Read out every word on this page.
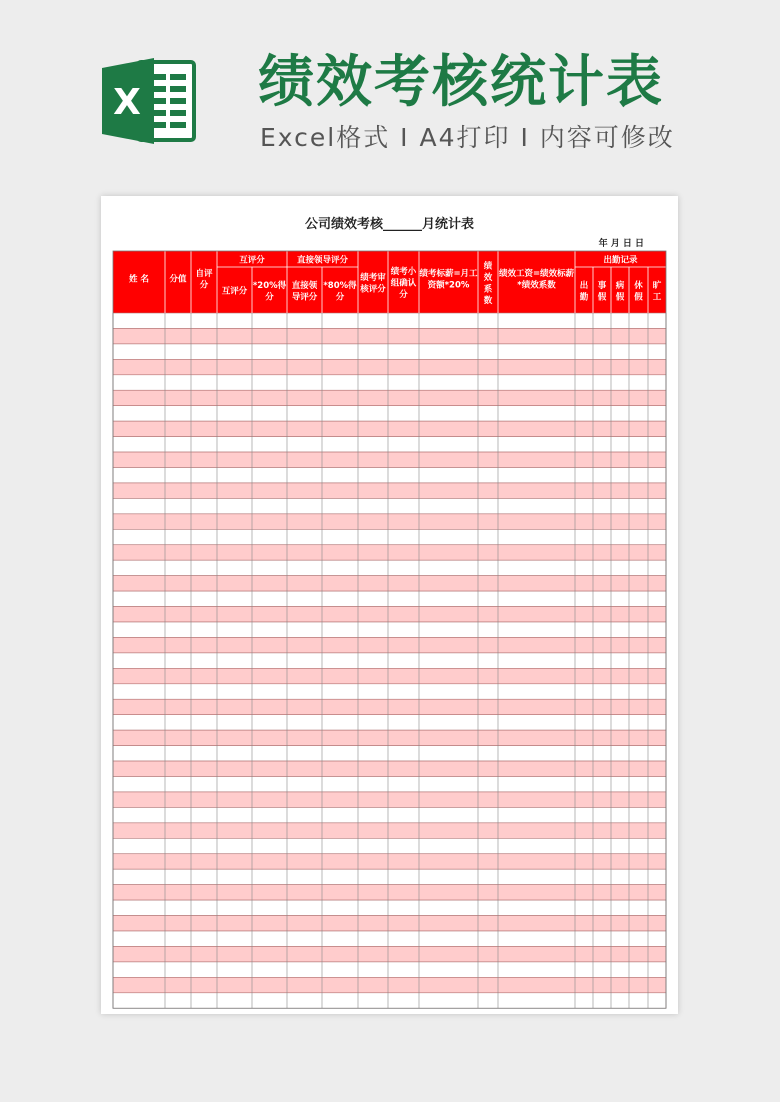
X 绩效考核统计表
Excel格式 I A4打印 I 内容可修改
公司绩效考核______月统计表
年 月 日 日
姓 名 分值
自评
分
互评分
互评分
*20%得
分
直接领导评分
直接领
导评分
*80%得
分
绩考审
核评分
绩考小
组确认
分
绩考标薪=月工
资额*20%
绩
效
系
数
绩效工资=绩效标薪
*绩效系数
出勤记录
出
勤
事
假
病
假
休
假
旷
工
